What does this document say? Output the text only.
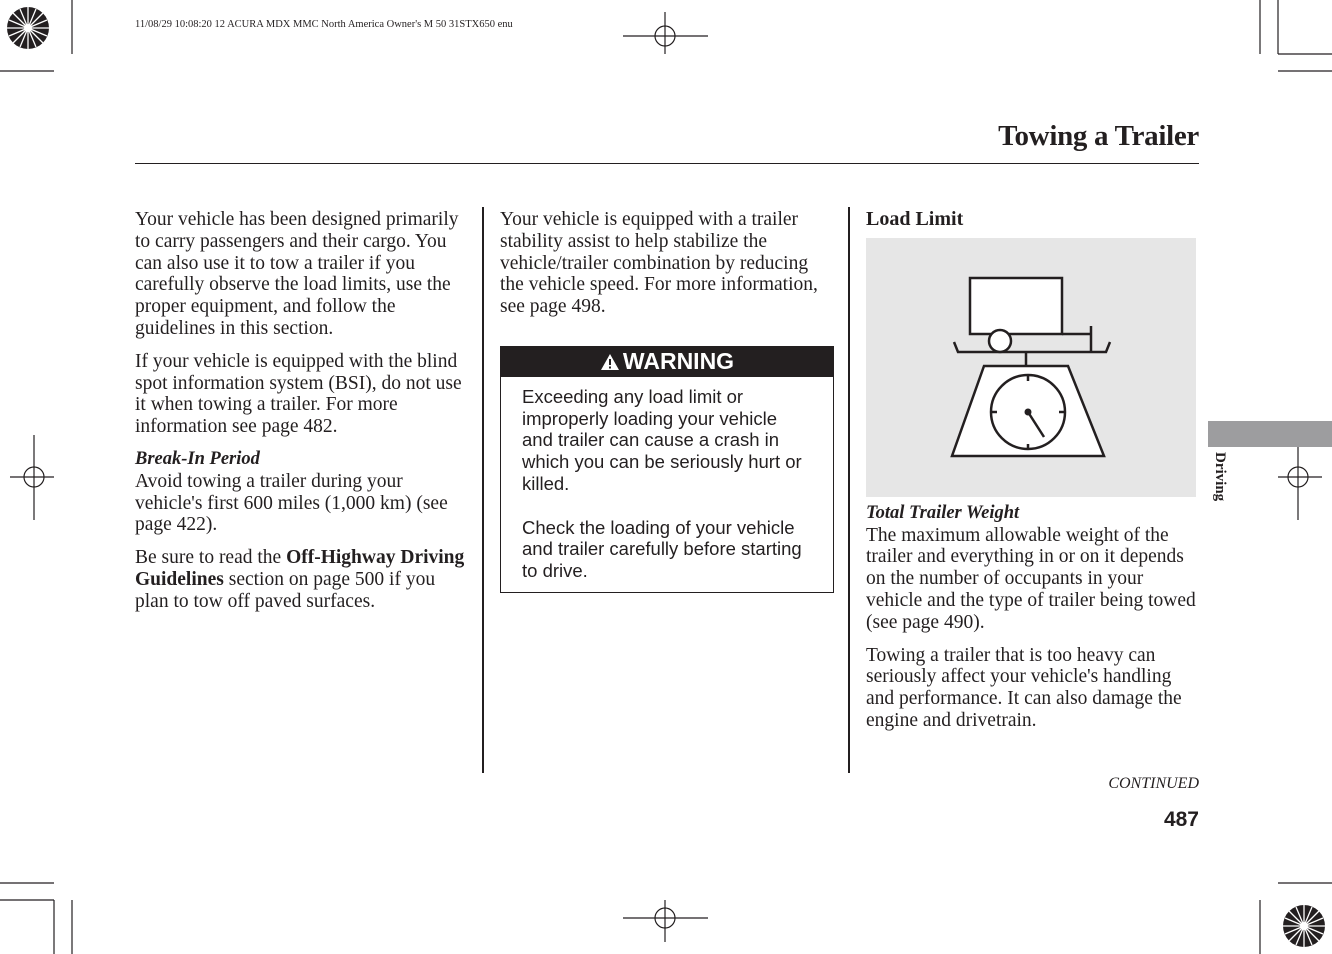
11/08/29 10:08:20 12 ACURA MDX MMC North America Owner's M 50 31STX650 enu
Towing a Trailer

Your vehicle has been designed primarily to carry passengers and their cargo. You can also use it to tow a trailer if you carefully observe the load limits, use the proper equipment, and follow the guidelines in this section.

If your vehicle is equipped with the blind spot information system (BSI), do not use it when towing a trailer. For more information see page 482.

Break-In Period

Avoid towing a trailer during your vehicle's first 600 miles (1,000 km) (see page 422).

Be sure to read the Off-Highway Driving Guidelines section on page 500 if you plan to tow off paved surfaces.

Your vehicle is equipped with a trailer stability assist to help stabilize the vehicle/trailer combination by reducing the vehicle speed. For more information, see page 498.

WARNING

Exceeding any load limit or improperly loading your vehicle and trailer can cause a crash in which you can be seriously hurt or killed.

Check the loading of your vehicle and trailer carefully before starting to drive.

Load Limit
Total Trailer Weight

The maximum allowable weight of the trailer and everything in or on it depends on the number of occupants in your vehicle and the type of trailer being towed (see page 490).

Towing a trailer that is too heavy can seriously affect your vehicle's handling and performance. It can also damage the engine and drivetrain.

Driving
CONTINUED
487
